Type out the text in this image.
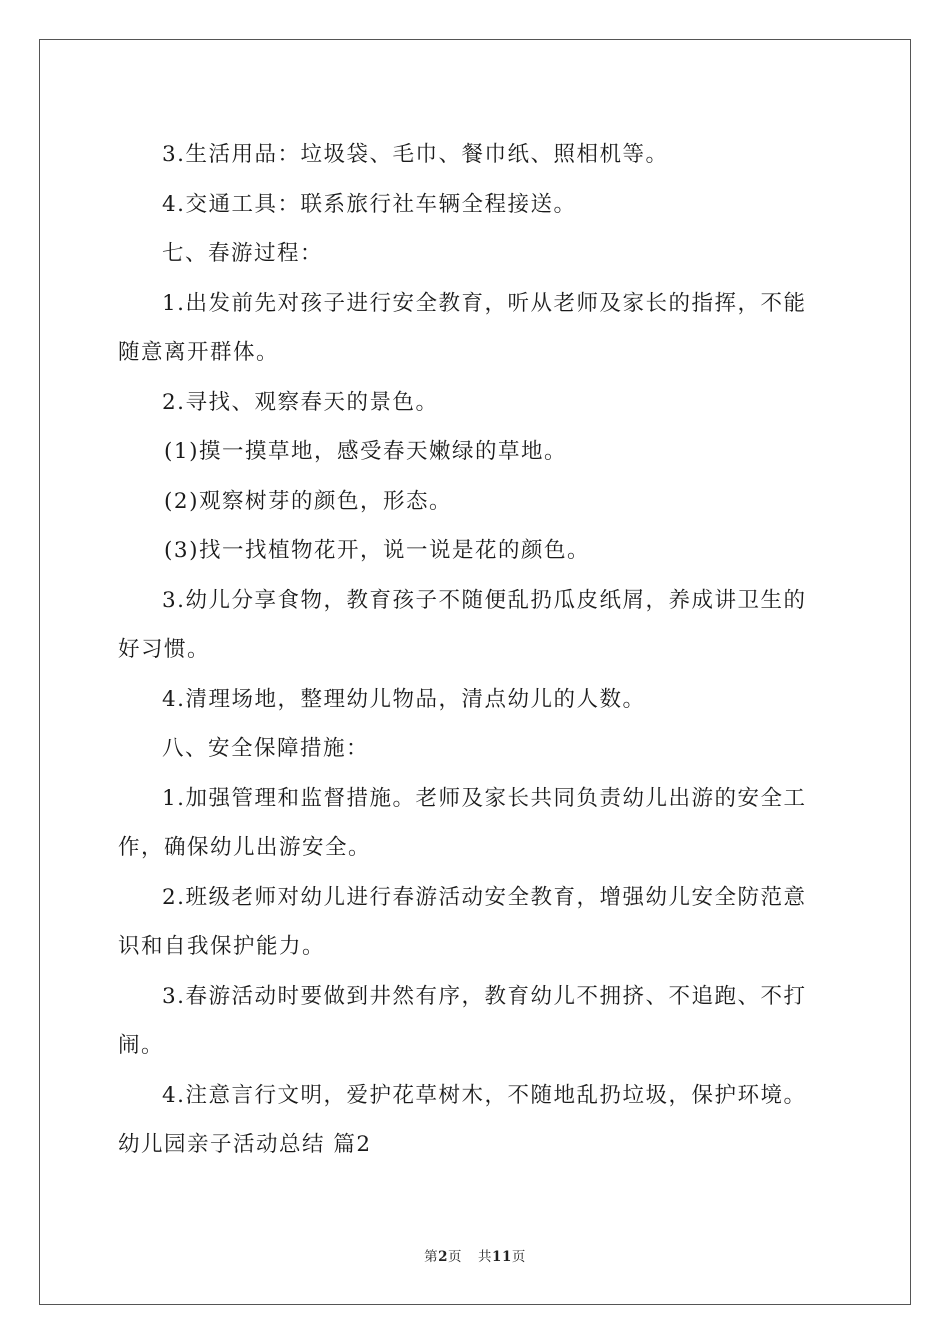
3.生活用品：垃圾袋、毛巾、餐巾纸、照相机等。

4.交通工具：联系旅行社车辆全程接送。

七、春游过程：

1.出发前先对孩子进行安全教育，听从老师及家长的指挥，不能

随意离开群体。

2.寻找、观察春天的景色。

(1)摸一摸草地，感受春天嫩绿的草地。

(2)观察树芽的颜色，形态。

(3)找一找植物花开，说一说是花的颜色。

3.幼儿分享食物，教育孩子不随便乱扔瓜皮纸屑，养成讲卫生的

好习惯。

4.清理场地，整理幼儿物品，清点幼儿的人数。

八、安全保障措施：

1.加强管理和监督措施。老师及家长共同负责幼儿出游的安全工

作，确保幼儿出游安全。

2.班级老师对幼儿进行春游活动安全教育，增强幼儿安全防范意

识和自我保护能力。

3.春游活动时要做到井然有序，教育幼儿不拥挤、不追跑、不打

闹。

4.注意言行文明，爱护花草树木，不随地乱扔垃圾，保护环境。

幼儿园亲子活动总结 篇2

第2页 共11页
